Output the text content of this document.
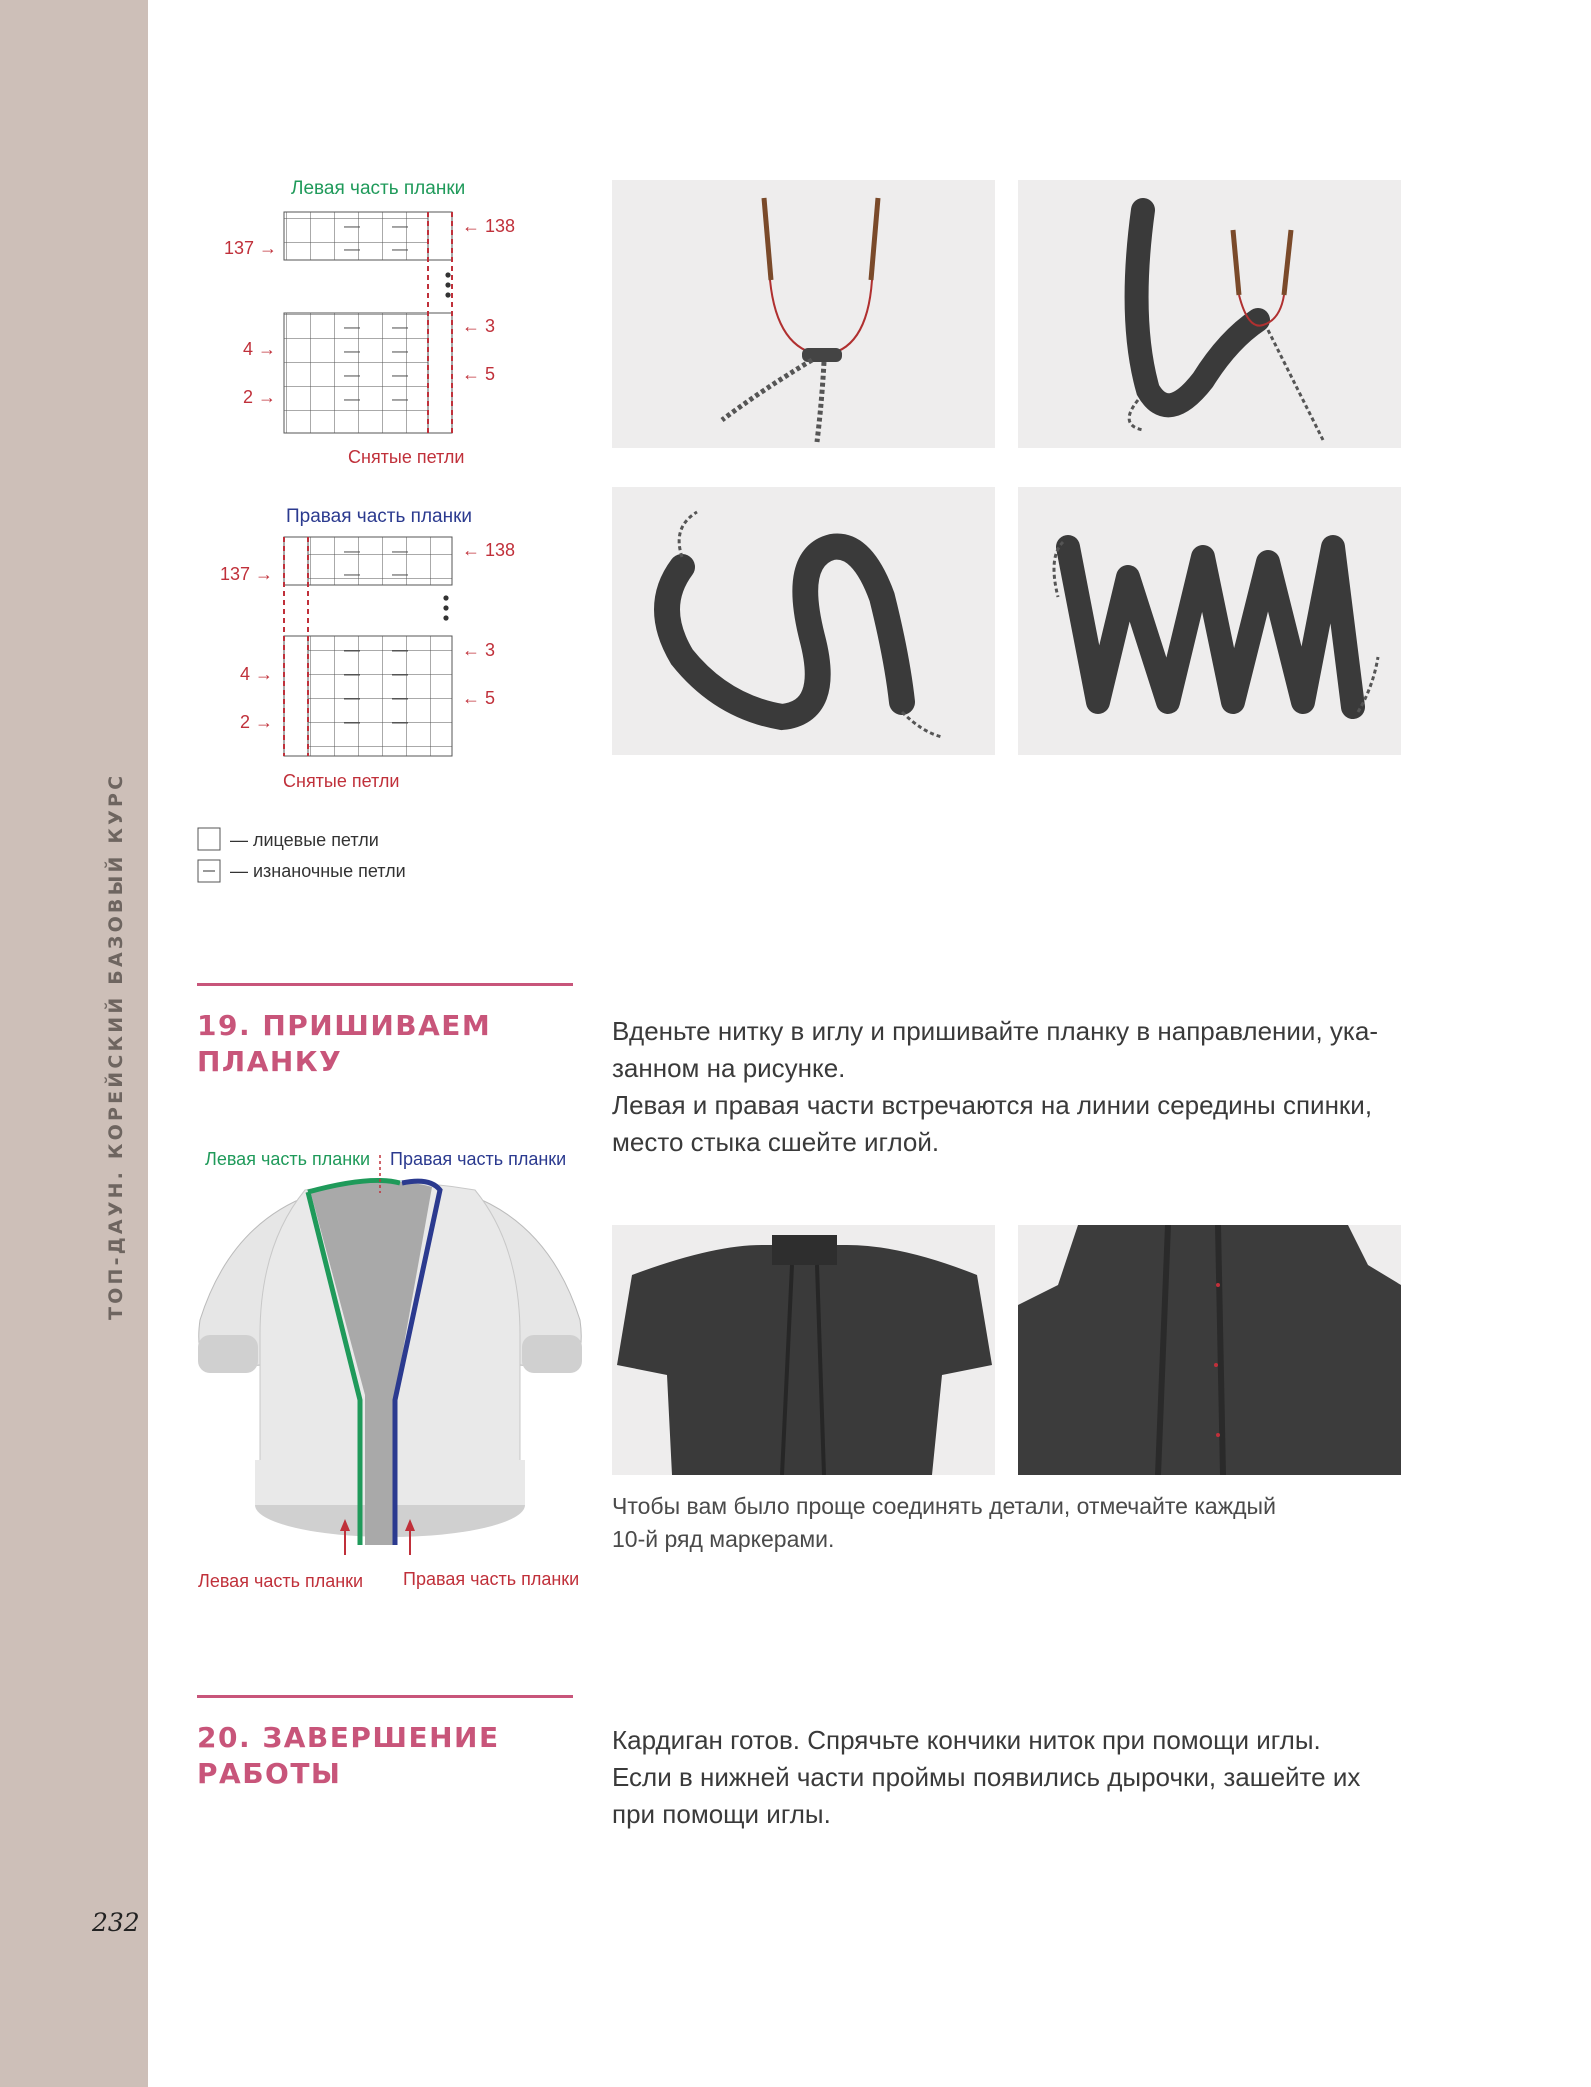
ТОП-ДАУН. КОРЕЙСКИЙ БАЗОВЫЙ КУРС
232
Левая часть планки
— —
— —
— —
— —
— —
— —
137 →
4 →
2 →
← 138
← 3
← 5
Снятые петли
Правая часть планки
— —
— —
— —
— —
— —
— —
137 →
4 →
2 →
← 138
← 3
← 5
Снятые петли
— лицевые петли
— изнаночные петли
19. ПРИШИВАЕМ ПЛАНКУ

Вденьте нитку в иглу и пришивайте планку в направлении, ука-

занном на рисунке.

Левая и правая части встречаются на линии середины спинки,

место стыка сшейте иглой.

Левая часть планки Правая часть планки
Левая часть планки Правая часть планки

Чтобы вам было проще соединять детали, отмечайте каждый

10-й ряд маркерами.

20. ЗАВЕРШЕНИЕ РАБОТЫ

Кардиган готов. Спрячьте кончики ниток при помощи иглы.

Если в нижней части проймы появились дырочки, зашейте их

при помощи иглы.
